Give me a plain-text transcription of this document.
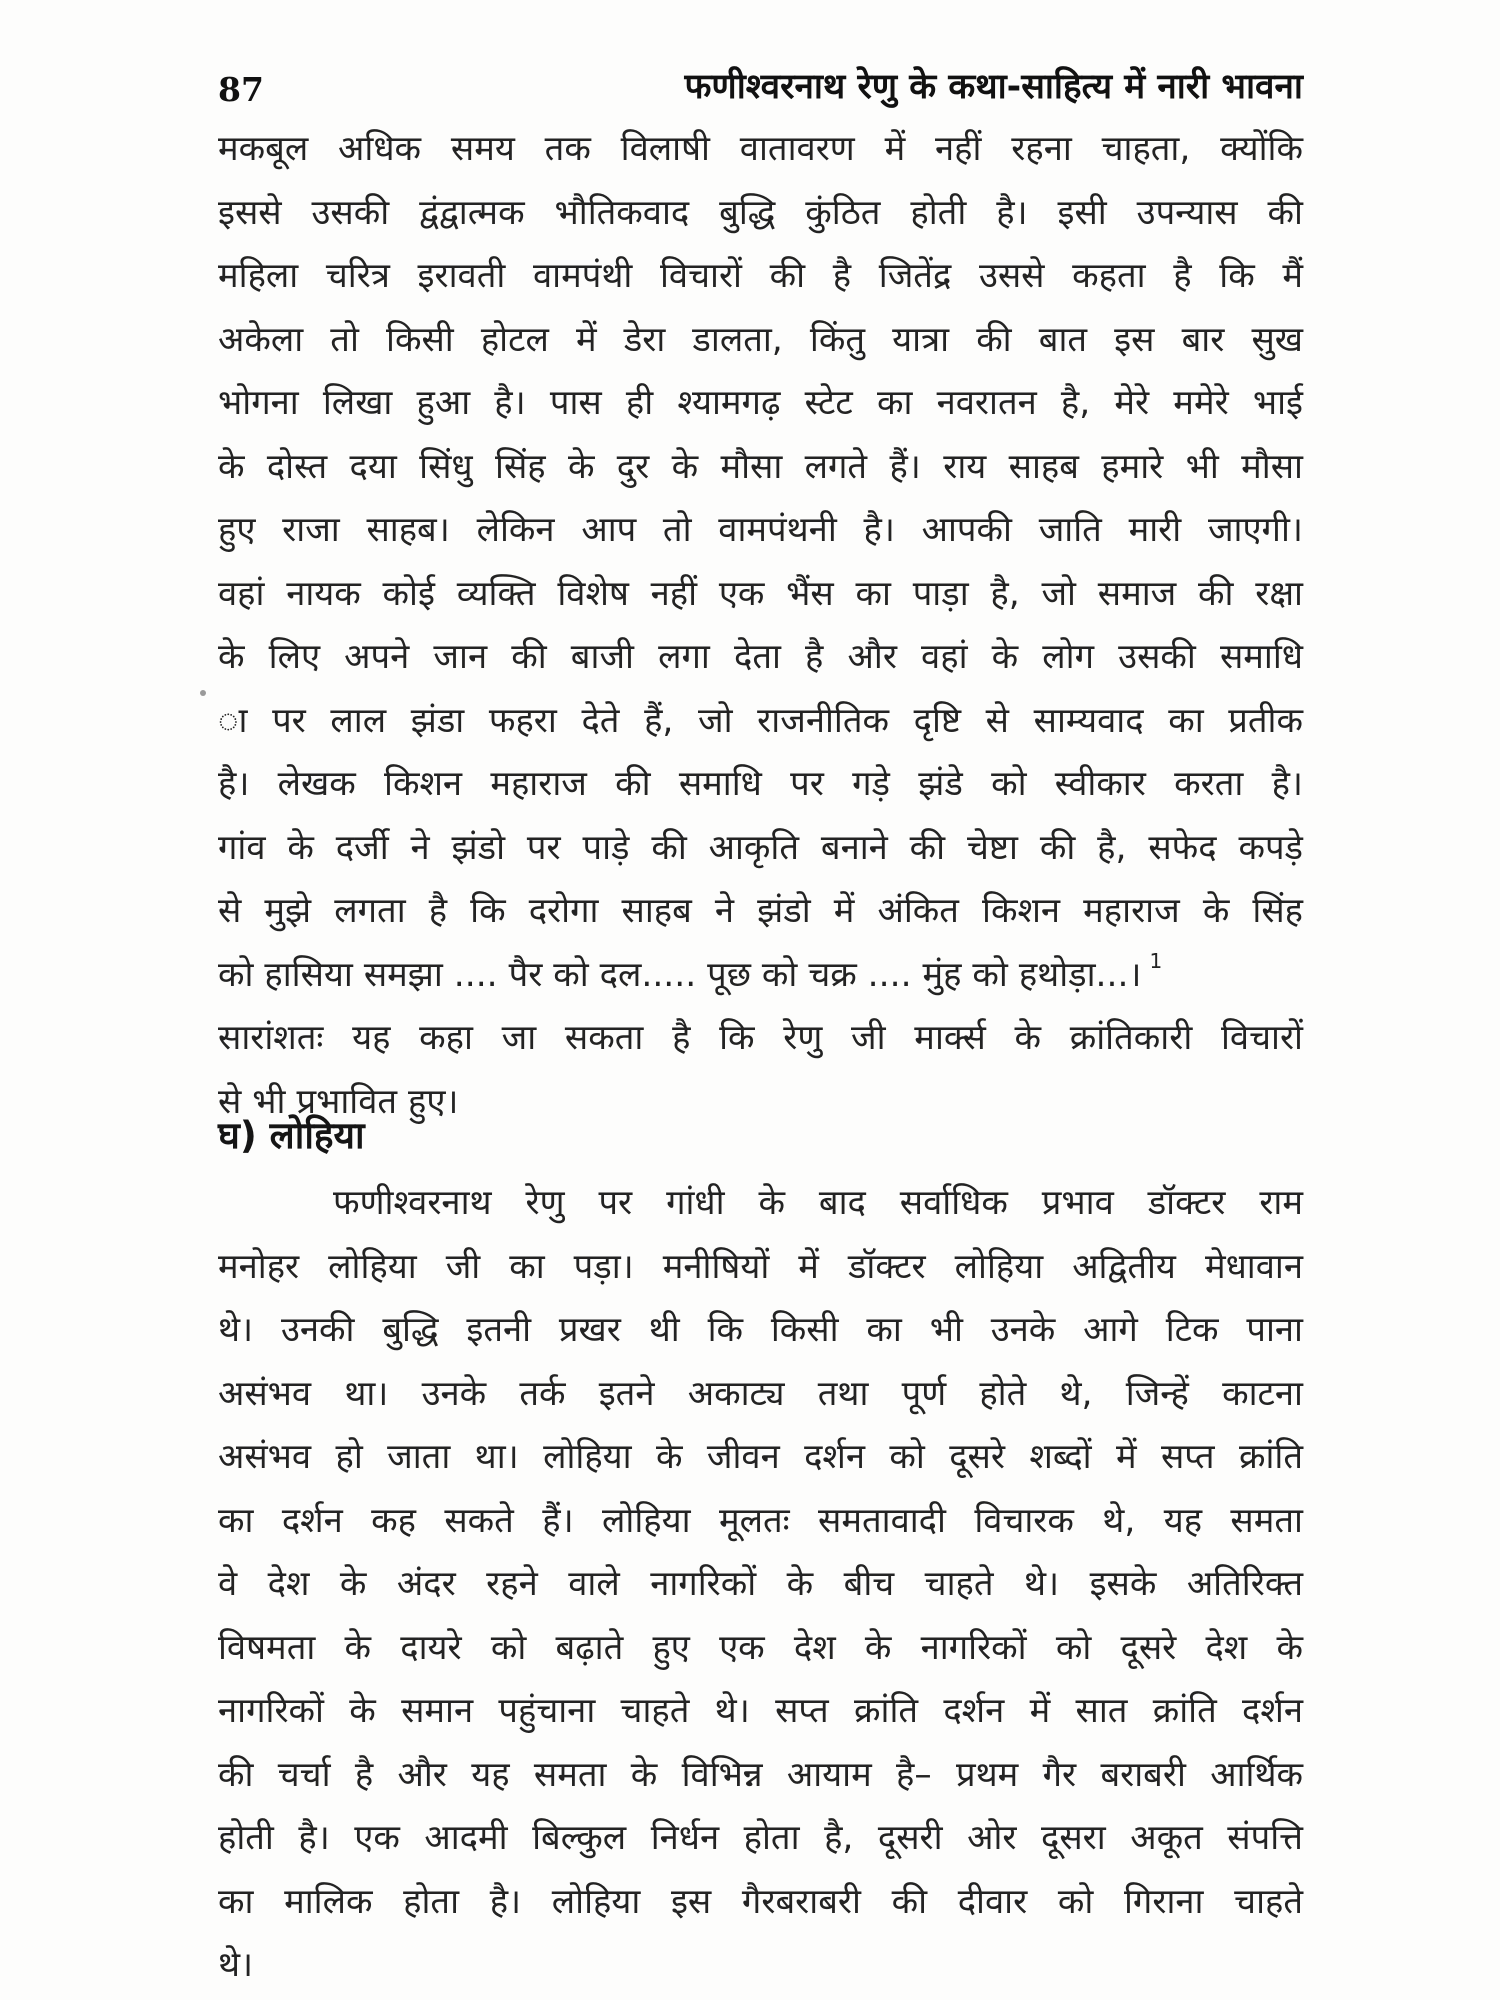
87	फणीश्वरनाथ रेणु के कथा-साहित्य में नारी भावना
मकबूल अधिक समय तक विलाषी वातावरण में नहीं रहना चाहता, क्योंकि
इससे उसकी द्वंद्वात्मक भौतिकवाद बुद्धि कुंठित होती है। इसी उपन्यास की
महिला चरित्र इरावती वामपंथी विचारों की है जितेंद्र उससे कहता है कि मैं
अकेला तो किसी होटल में डेरा डालता, किंतु यात्रा की बात इस बार सुख
भोगना लिखा हुआ है। पास ही श्यामगढ़ स्टेट का नवरातन है, मेरे ममेरे भाई
के दोस्त दया सिंधु सिंह के दुर के मौसा लगते हैं। राय साहब हमारे भी मौसा
हुए राजा साहब। लेकिन आप तो वामपंथनी है। आपकी जाति मारी जाएगी।
वहां नायक कोई व्यक्ति विशेष नहीं एक भैंस का पाड़ा है, जो समाज की रक्षा
के लिए अपने जान की बाजी लगा देता है और वहां के लोग उसकी समाधि
ा पर लाल झंडा फहरा देते हैं, जो राजनीतिक दृष्टि से साम्यवाद का प्रतीक
है। लेखक किशन महाराज की समाधि पर गड़े झंडे को स्वीकार करता है।
गांव के दर्जी ने झंडो पर पाड़े की आकृति बनाने की चेष्टा की है, सफेद कपड़े
से मुझे लगता है कि दरोगा साहब ने झंडो में अंकित किशन महाराज के सिंह
को हासिया समझा .... पैर को दल..... पूछ को चक्र .... मुंह को हथोड़ा...। $^1$
सारांशतः यह कहा जा सकता है कि रेणु जी मार्क्स के क्रांतिकारी विचारों
से भी प्रभावित हुए।
घ) लोहिया
फणीश्वरनाथ रेणु पर गांधी के बाद सर्वाधिक प्रभाव डॉक्टर राम
मनोहर लोहिया जी का पड़ा। मनीषियों में डॉक्टर लोहिया अद्वितीय मेधावान
थे। उनकी बुद्धि इतनी प्रखर थी कि किसी का भी उनके आगे टिक पाना
असंभव था। उनके तर्क इतने अकाट्य तथा पूर्ण होते थे, जिन्हें काटना
असंभव हो जाता था। लोहिया के जीवन दर्शन को दूसरे शब्दों में सप्त क्रांति
का दर्शन कह सकते हैं। लोहिया मूलतः समतावादी विचारक थे, यह समता
वे देश के अंदर रहने वाले नागरिकों के बीच चाहते थे। इसके अतिरिक्त
विषमता के दायरे को बढ़ाते हुए एक देश के नागरिकों को दूसरे देश के
नागरिकों के समान पहुंचाना चाहते थे। सप्त क्रांति दर्शन में सात क्रांति दर्शन
की चर्चा है और यह समता के विभिन्न आयाम है– प्रथम गैर बराबरी आर्थिक
होती है। एक आदमी बिल्कुल निर्धन होता है, दूसरी ओर दूसरा अकूत संपत्ति
का मालिक होता है। लोहिया इस गैरबराबरी की दीवार को गिराना चाहते
थे।
